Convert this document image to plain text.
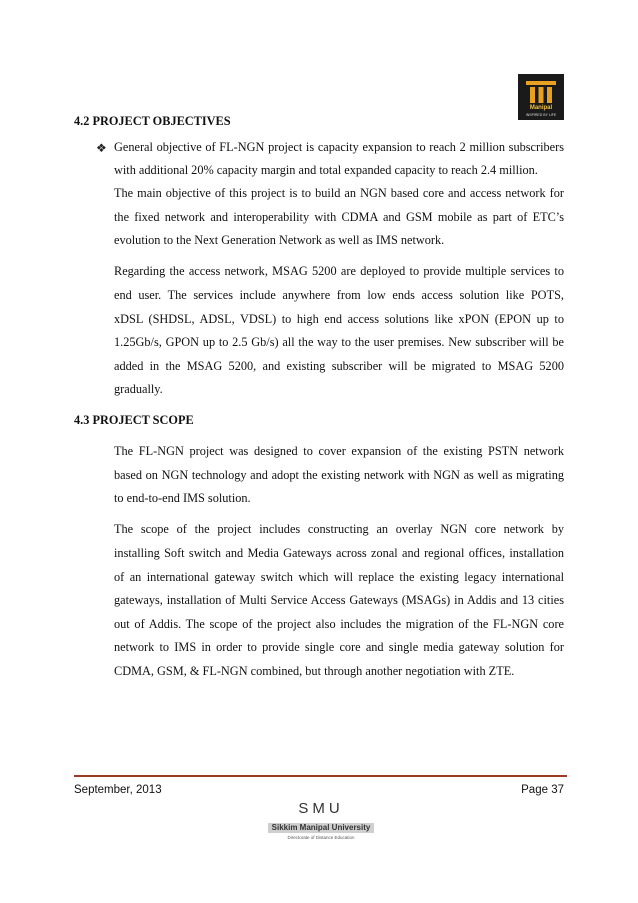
Manipal
INSPIRED BY LIFE
4.2 PROJECT OBJECTIVES
❖ General objective of FL-NGN project is capacity expansion to reach 2 million subscribers
with additional 20% capacity margin and total expanded capacity to reach 2.4 million.
The main objective of this project is to build an NGN based core and access network for
the fixed network and interoperability with CDMA and GSM mobile as part of ETC’s
evolution to the Next Generation Network as well as IMS network.
Regarding the access network, MSAG 5200 are deployed to provide multiple services to
end user. The services include anywhere from low ends access solution like POTS,
xDSL (SHDSL, ADSL, VDSL) to high end access solutions like xPON (EPON up to
1.25Gb/s, GPON up to 2.5 Gb/s) all the way to the user premises. New subscriber will be
added in the MSAG 5200, and existing subscriber will be migrated to MSAG 5200
gradually.
4.3 PROJECT SCOPE
The FL-NGN project was designed to cover expansion of the existing PSTN network
based on NGN technology and adopt the existing network with NGN as well as migrating
to end-to-end IMS solution.
The scope of the project includes constructing an overlay NGN core network by
installing Soft switch and Media Gateways across zonal and regional offices, installation
of an international gateway switch which will replace the existing legacy international
gateways, installation of Multi Service Access Gateways (MSAGs) in Addis and 13 cities
out of Addis. The scope of the project also includes the migration of the FL-NGN core
network to IMS in order to provide single core and single media gateway solution for
CDMA, GSM, & FL-NGN combined, but through another negotiation with ZTE.
September, 2013	Page 37
SMU
Sikkim Manipal University
Directorate of Distance Education
